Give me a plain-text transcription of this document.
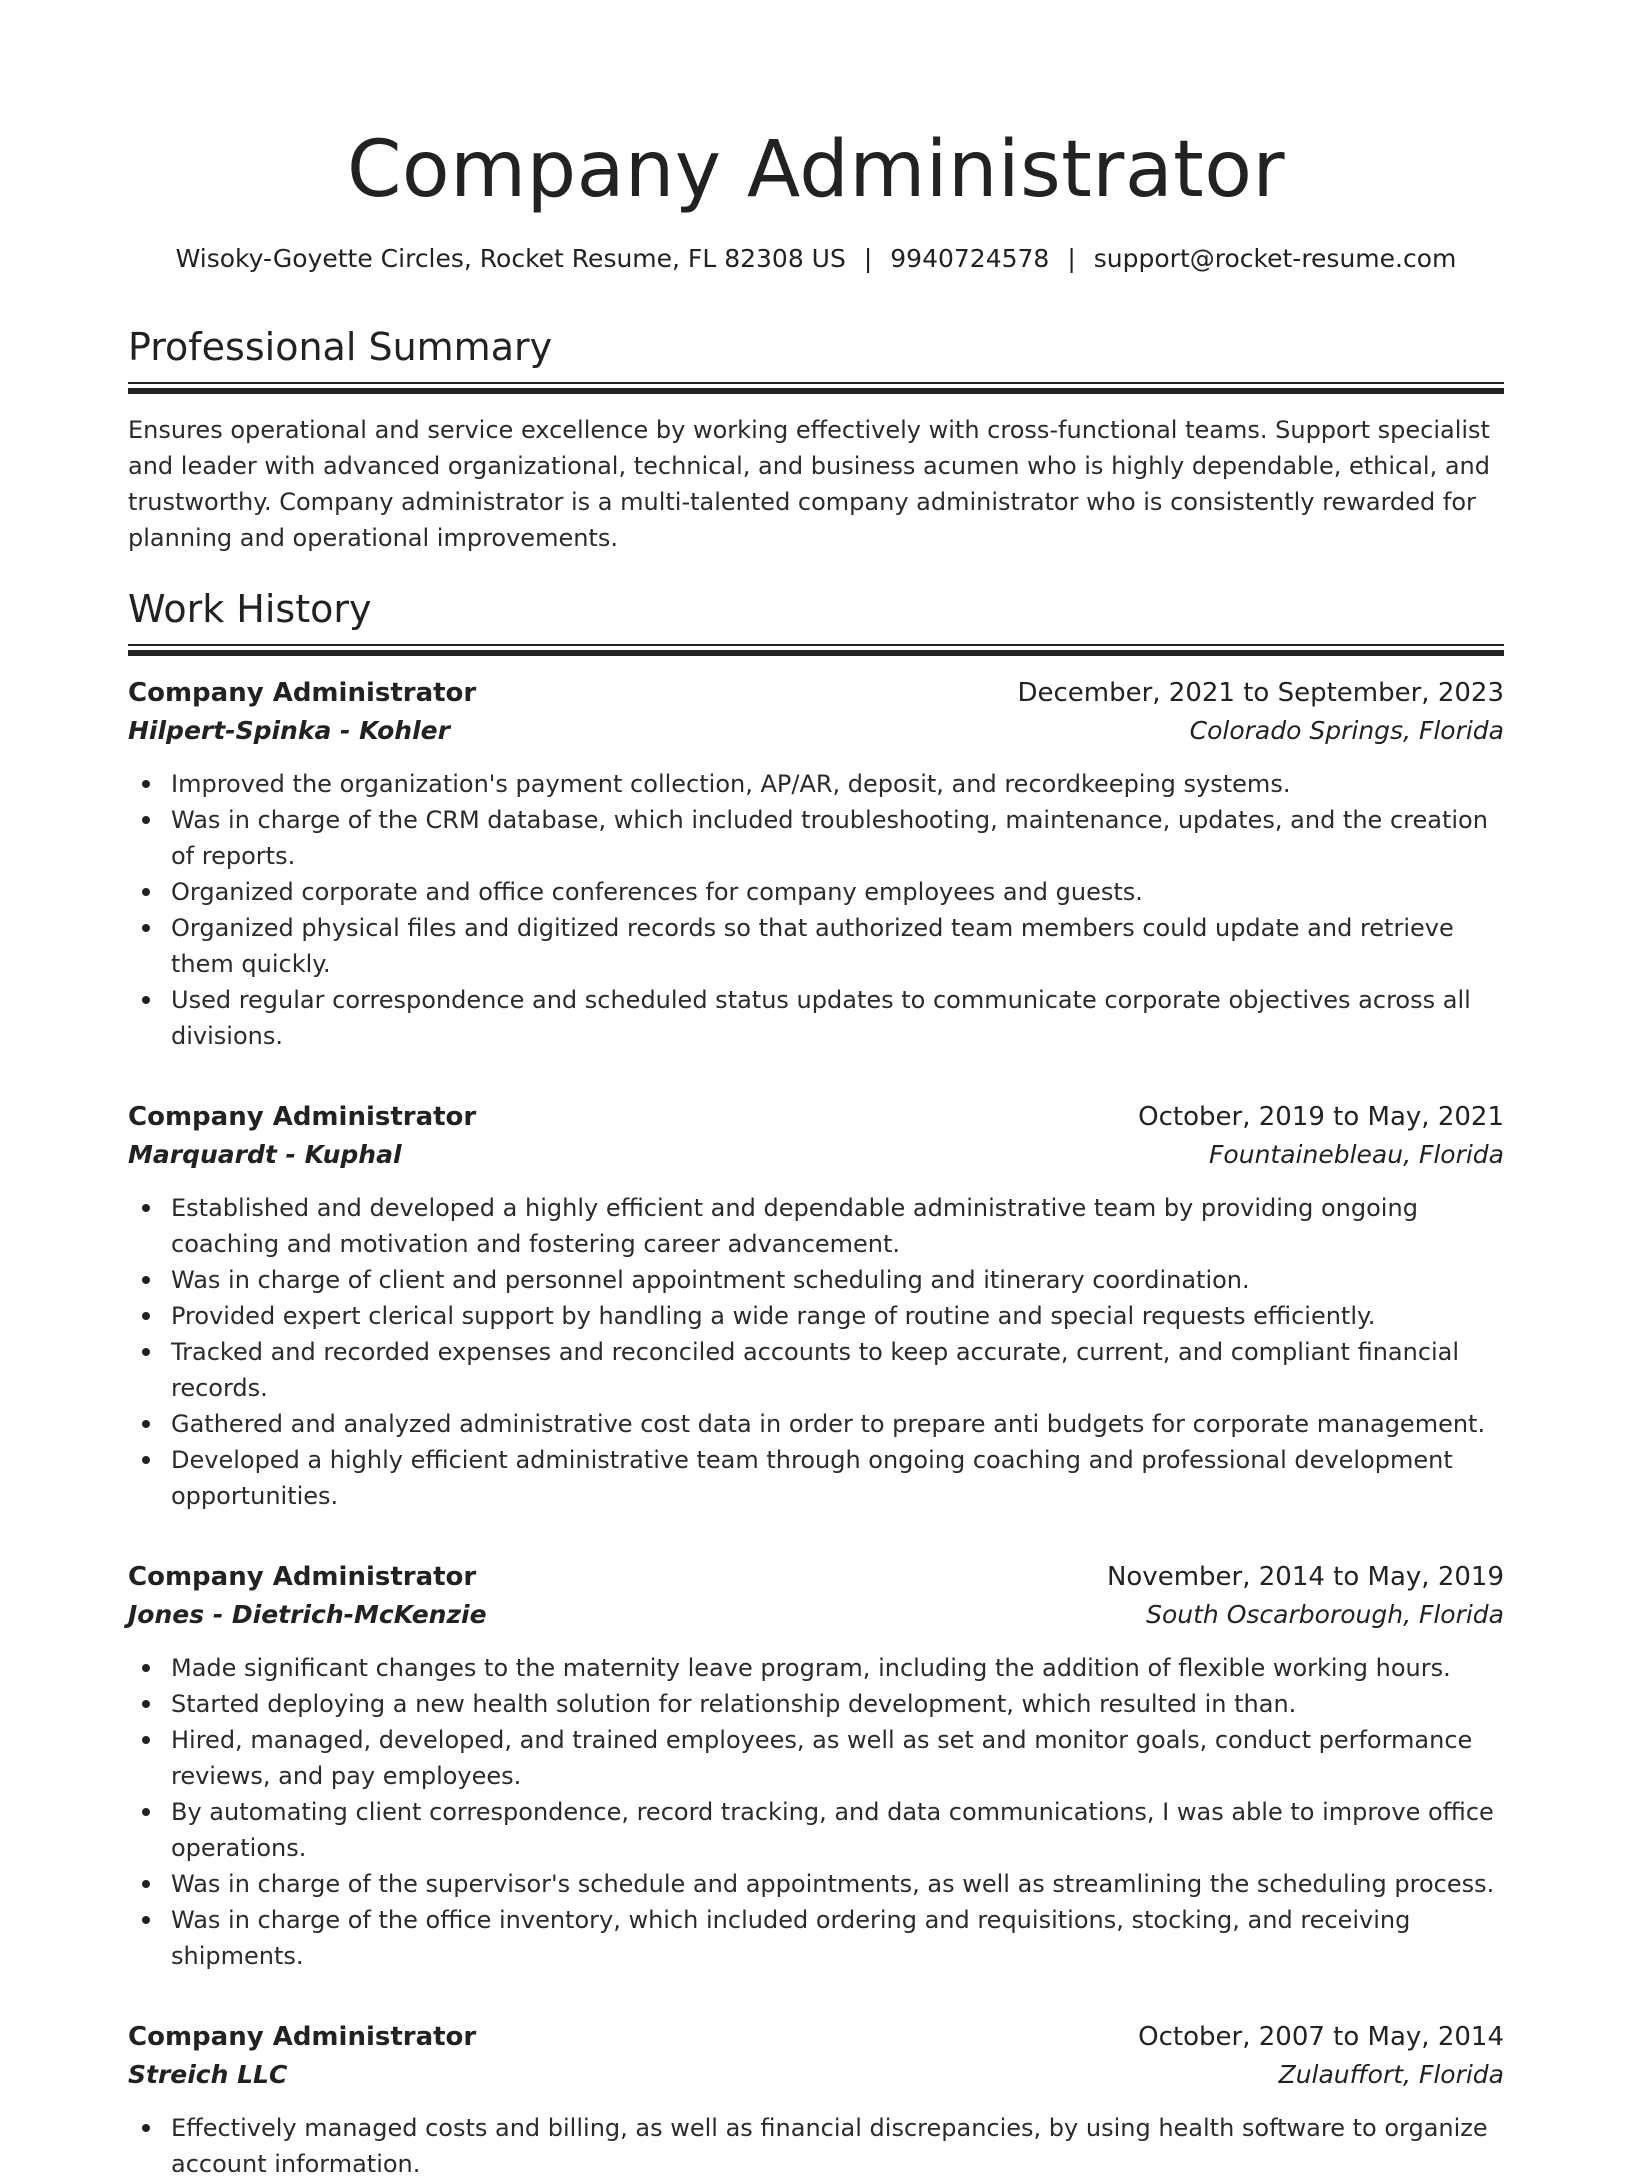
Company Administrator
Wisoky-Goyette Circles, Rocket Resume, FL 82308 US | 9940724578 | support@rocket-resume.com
Professional Summary

Ensures operational and service excellence by working effectively with cross-functional teams. Support specialist and leader with advanced organizational, technical, and business acumen who is highly dependable, ethical, and trustworthy. Company administrator is a multi-talented company administrator who is consistently rewarded for planning and operational improvements.

Work History
Company Administrator	December, 2021 to September, 2023
Hilpert-Spinka - Kohler	Colorado Springs, Florida
Improved the organization's payment collection, AP/AR, deposit, and recordkeeping systems.
Was in charge of the CRM database, which included troubleshooting, maintenance, updates, and the creation of reports.
Organized corporate and office conferences for company employees and guests.
Organized physical files and digitized records so that authorized team members could update and retrieve them quickly.
Used regular correspondence and scheduled status updates to communicate corporate objectives across all divisions.
Company Administrator	October, 2019 to May, 2021
Marquardt - Kuphal	Fountainebleau, Florida
Established and developed a highly efficient and dependable administrative team by providing ongoing coaching and motivation and fostering career advancement.
Was in charge of client and personnel appointment scheduling and itinerary coordination.
Provided expert clerical support by handling a wide range of routine and special requests efficiently.
Tracked and recorded expenses and reconciled accounts to keep accurate, current, and compliant financial records.
Gathered and analyzed administrative cost data in order to prepare anti budgets for corporate management.
Developed a highly efficient administrative team through ongoing coaching and professional development opportunities.
Company Administrator	November, 2014 to May, 2019
Jones - Dietrich-McKenzie	South Oscarborough, Florida
Made significant changes to the maternity leave program, including the addition of flexible working hours.
Started deploying a new health solution for relationship development, which resulted in than.
Hired, managed, developed, and trained employees, as well as set and monitor goals, conduct performance reviews, and pay employees.
By automating client correspondence, record tracking, and data communications, I was able to improve office operations.
Was in charge of the supervisor's schedule and appointments, as well as streamlining the scheduling process.
Was in charge of the office inventory, which included ordering and requisitions, stocking, and receiving shipments.
Company Administrator	October, 2007 to May, 2014
Streich LLC	Zulauffort, Florida
Effectively managed costs and billing, as well as financial discrepancies, by using health software to organize account information.
